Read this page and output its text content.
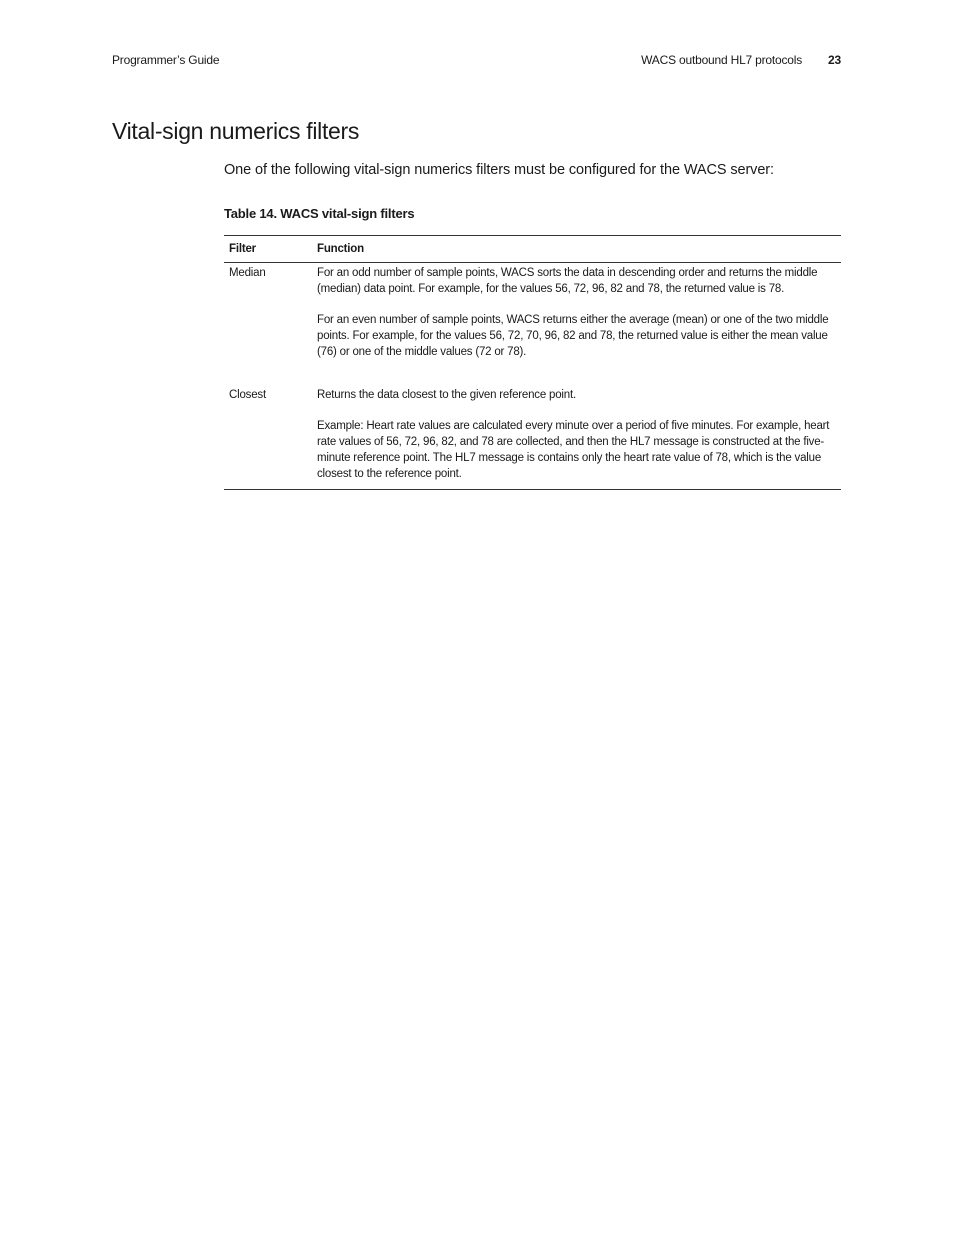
Programmer’s Guide	WACS outbound HL7 protocols 23
Vital-sign numerics filters

One of the following vital-sign numerics filters must be configured for the WACS server:

Table 14. WACS vital-sign filters

Filter	Function
Median	For an odd number of sample points, WACS sorts the data in descending order and returns the middle (median) data point. For example, for the values 56, 72, 96, 82 and 78, the returned value is 78.

For an even number of sample points, WACS returns either the average (mean) or one of the two middle points. For example, for the values 56, 72, 70, 96, 82 and 78, the returned value is either the mean value (76) or one of the middle values (72 or 78).

Closest	Returns the data closest to the given reference point.

Example: Heart rate values are calculated every minute over a period of five minutes. For example, heart rate values of 56, 72, 96, 82, and 78 are collected, and then the HL7 message is constructed at the five-minute reference point. The HL7 message is contains only the heart rate value of 78, which is the value closest to the reference point.
